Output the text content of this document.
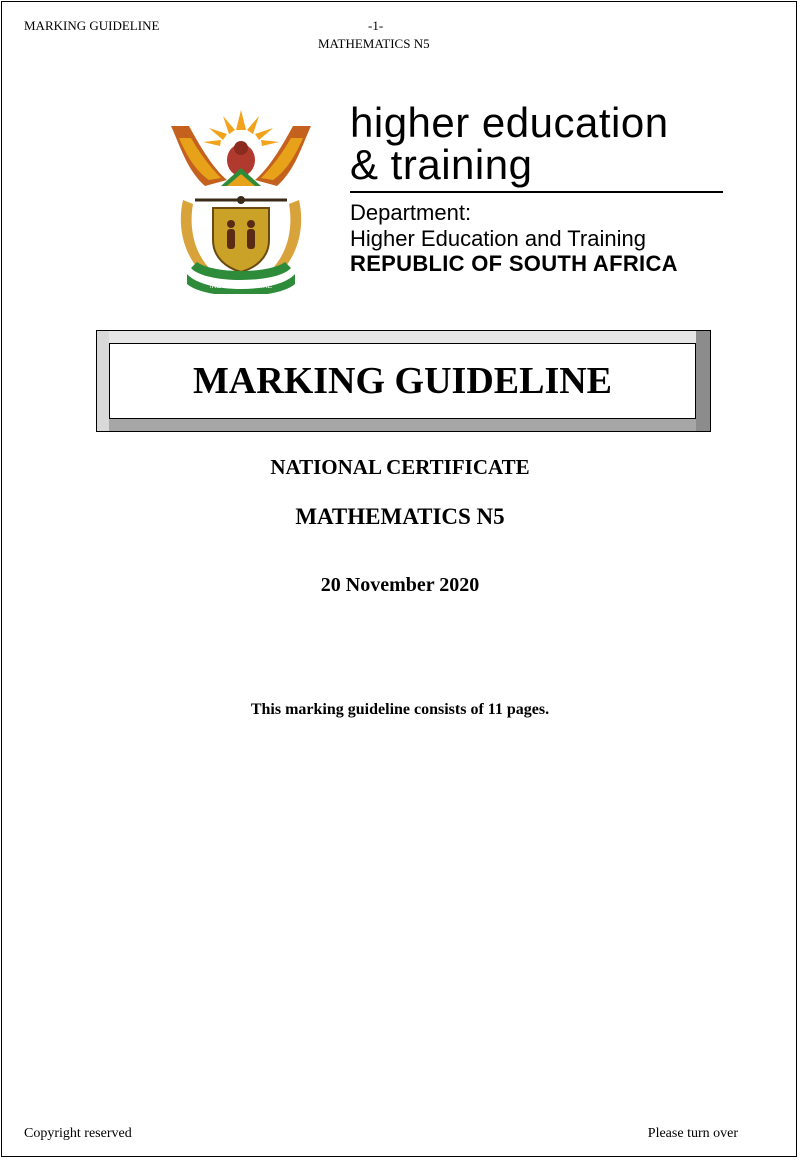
MARKING GUIDELINE	-1-
MATHEMATICS N5
!KE E: /XARRA //KE
higher education
& training
Department:
Higher Education and Training
REPUBLIC OF SOUTH AFRICA
MARKING GUIDELINE
NATIONAL CERTIFICATE
MATHEMATICS N5
20 November 2020
This marking guideline consists of 11 pages.
Copyright reserved	Please turn over
